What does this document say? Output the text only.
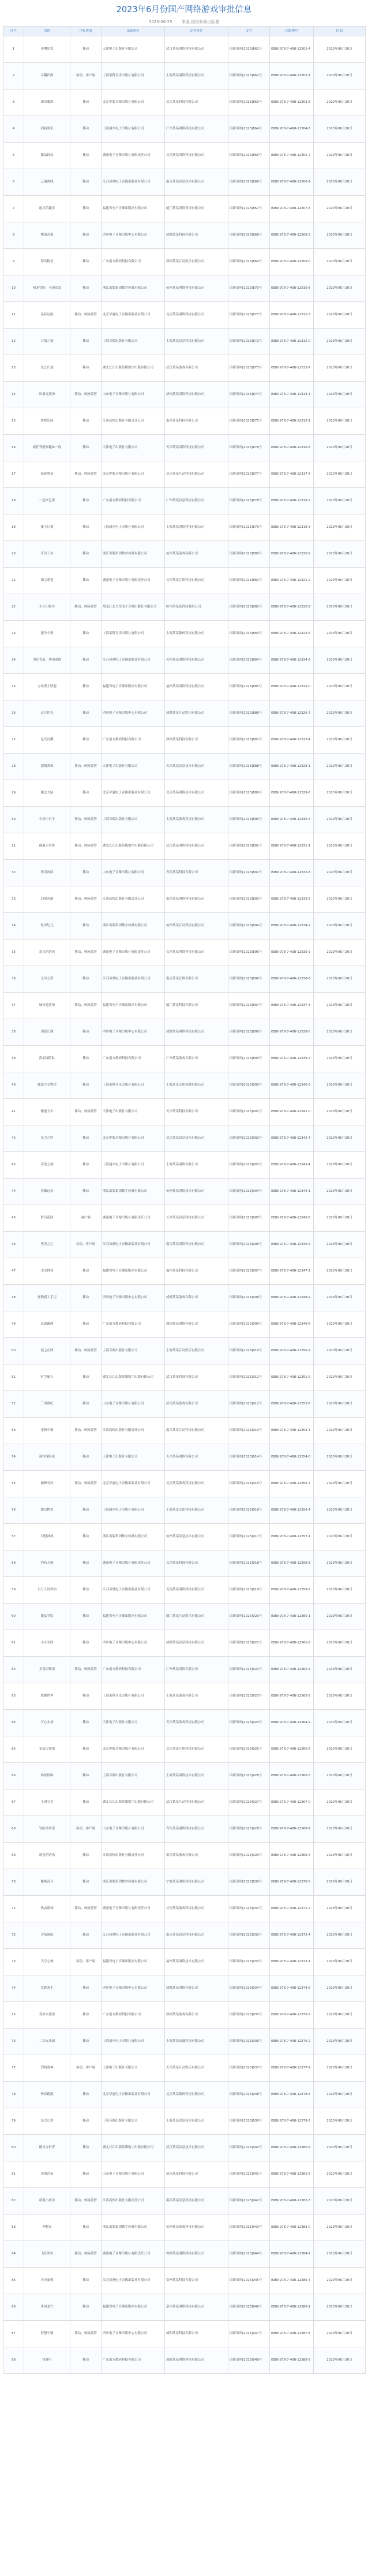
2023年6月份国产网络游戏审批信息
2023-06-25 来源:国家新闻出版署
序号	名称	申报类别	出版单位	运营单位	文号	出版物号	时间
1	带嘤出发	移动	天津电子出版社有限公司	武汉某某网络科技有限公司	国新出审[2023]861号	ISBN 978-7-498-12301-4	2023年06月20日
2	斗翻四海	移动、客户端	上海莱科音乐出版社有限公司	上海某某网络科技有限公司	国新出审[2023]862号	ISBN 978-7-498-12302-1	2023年06月20日
3	深浅魔塔	移动	北京中版音像出版社有限公司	北京某某科技有限公司	国新出审[2023]863号	ISBN 978-7-498-12303-8	2023年06月20日
4	消防猎手	移动	上海浦东电子出版社有限公司	广州某某网络科技有限公司	国新出审[2023]864号	ISBN 978-7-498-12304-5	2023年06月20日
5	魔法跃动	移动	湖南电子音像出版社有限责任公司	长沙某某网络科技有限公司	国新出审[2023]865号	ISBN 978-7-498-12305-2	2023年06月20日
6	云端战线	移动	江苏凤凰电子音像出版社有限公司	南京某某信息技术有限公司	国新出审[2023]866号	ISBN 978-7-498-12306-9	2023年06月20日
7	道具乐趣多	移动	福建省电子音像出版社有限公司	厦门某某网络科技有限公司	国新出审[2023]867号	ISBN 978-7-498-12307-6	2023年06月20日
8	棋战奇谋	移动	四川电子音像出版中心有限公司	成都某某科技有限公司	国新出审[2023]868号	ISBN 978-7-498-12308-3	2023年06月20日
9	海岛物语	移动	广东南方数码科技有限公司	深圳某某互动娱乐有限公司	国新出审[2023]869号	ISBN 978-7-498-12309-0	2023年06月20日
10	萌宠冒险，全速出发	移动	浙江出版集团数字传媒有限公司	杭州某某网络科技有限公司	国新出审[2023]870号	ISBN 978-7-498-12310-6	2023年06月20日
11	星际远航	移动、休闲益智	北京华夏电子音像出版社有限公司	北京某某网络科技有限公司	国新出审[2023]871号	ISBN 978-7-498-12311-3	2023年06月20日
12	万圆之谜	移动	上海音像出版社有限公司	上海某某信息科技有限公司	国新出审[2023]872号	ISBN 978-7-498-12312-0	2023年06月20日
13	龙之归途	移动	湖北长江出版传媒数字出版有限公司	武汉某某游戏有限公司	国新出审[2023]873号	ISBN 978-7-498-12313-7	2023年06月20日
14	风暴竞技场	移动、休闲益智	山东电子音像出版社有限公司	济南某某网络科技有限公司	国新出审[2023]874号	ISBN 978-7-498-12314-4	2023年06月20日
15	拼拼乐园	移动	江西高校出版社有限责任公司	南昌某某科技有限公司	国新出审[2023]875号	ISBN 978-7-498-12315-1	2023年06月20日
16	疯狂驾驶家趣味一族	移动	天津电子出版社有限公司	天津某某网络科技有限公司	国新出审[2023]876号	ISBN 978-7-498-12316-8	2023年06月20日
17	暗影猎场	移动、休闲益智	北京中版音像出版社有限公司	北京某某互动科技有限公司	国新出审[2023]877号	ISBN 978-7-498-12317-5	2023年06月20日
18	一起来巴蕾	移动	广东南方数码科技有限公司	广州某某信息科技有限公司	国新出审[2023]878号	ISBN 978-7-498-12318-2	2023年06月20日
19	魔王计划	移动	上海浦东电子出版社有限公司	上海某某网络科技有限公司	国新出审[2023]879号	ISBN 978-7-498-12319-9	2023年06月20日
20	奇幻工坊	移动	浙江出版集团数字传媒有限公司	杭州某某游戏有限公司	国新出审[2023]880号	ISBN 978-7-498-12320-5	2023年06月20日
21	指尖萌宠	移动	湖南电子音像出版社有限责任公司	长沙某某互娱科技有限公司	国新出审[2023]881号	ISBN 978-7-498-12321-2	2023年06月20日
22	小小出租车	移动、休闲益智	黑龙江北大荒电子音像出版社有限公司	哈尔滨某某科技有限公司	国新出审[2023]882号	ISBN 978-7-498-12322-9	2023年06月20日
23	迷失小镇	移动	上海莱科音乐出版社有限公司	上海某某数码科技有限公司	国新出审[2023]883号	ISBN 978-7-498-12323-6	2023年06月20日
24	勇往直前，冲出重围	移动	江苏凤凰电子音像出版社有限公司	苏州某某网络科技有限公司	国新出审[2023]884号	ISBN 978-7-498-12324-3	2023年06月20日
25	方块勇士联盟	移动	福建省电子音像出版社有限公司	福州某某网络科技有限公司	国新出审[2023]885号	ISBN 978-7-498-12325-0	2023年06月20日
26	远方的光	移动	四川电子音像出版中心有限公司	成都某某互动娱乐有限公司	国新出审[2023]886号	ISBN 978-7-498-12326-7	2023年06月20日
27	星光闪耀	移动	广东南方数码科技有限公司	深圳某某科技有限公司	国新出审[2023]887号	ISBN 978-7-498-12327-4	2023年06月20日
28	超级弹珠	移动、休闲益智	天津电子出版社有限公司	天津某某信息技术有限公司	国新出审[2023]888号	ISBN 978-7-498-12328-1	2023年06月20日
29	魔法大陆	移动	北京华夏电子音像出版社有限公司	北京某某网络技术有限公司	国新出审[2023]889号	ISBN 978-7-498-12329-8	2023年06月20日
30	农场小日子	移动、休闲益智	上海音像出版社有限公司	上海某某游戏科技有限公司	国新出审[2023]890号	ISBN 978-7-498-12330-4	2023年06月20日
31	像素大冒险	移动、休闲益智	湖北长江出版传媒数字出版有限公司	武汉某某网络科技有限公司	国新出审[2023]891号	ISBN 978-7-498-12331-1	2023年06月20日
32	传奇再续	移动	山东电子音像出版社有限公司	青岛某某科技有限公司	国新出审[2023]892号	ISBN 978-7-498-12332-8	2023年06月20日
33	幻境奇旅	移动、休闲益智	江西高校出版社有限责任公司	南昌某某网络科技有限公司	国新出审[2023]893号	ISBN 978-7-498-12333-5	2023年06月20日
34	机甲纪元	移动	浙江出版集团数字传媒有限公司	杭州某某互动科技有限公司	国新出审[2023]894号	ISBN 978-7-498-12334-2	2023年06月20日
35	欢乐消消看	移动、休闲益智	湖南电子音像出版社有限责任公司	长沙某某网络科技有限公司	国新出审[2023]895号	ISBN 978-7-498-12335-9	2023年06月20日
36	无尽之塔	移动	江苏凤凰电子音像出版社有限公司	南京某某互娱有限公司	国新出审[2023]896号	ISBN 978-7-498-12336-6	2023年06月20日
37	城市建造师	移动、休闲益智	福建省电子音像出版社有限公司	厦门某某科技有限公司	国新出审[2023]897号	ISBN 978-7-498-12337-3	2023年06月20日
38	剑影江湖	移动	四川电子音像出版中心有限公司	成都某某网络科技有限公司	国新出审[2023]898号	ISBN 978-7-498-12338-0	2023年06月20日
39	海底探险队	移动	广东南方数码科技有限公司	广州某某游戏有限公司	国新出审[2023]899号	ISBN 978-7-498-12339-7	2023年06月20日
40	魔法少女物语	移动	上海莱科音乐出版社有限公司	上海某某文化传播有限公司	国新出审[2023]900号	ISBN 978-7-498-12340-3	2023年06月20日
41	极速飞车	移动、休闲益智	天津电子出版社有限公司	天津某某科技有限公司	国新出审[2023]901号	ISBN 978-7-498-12341-0	2023年06月20日
42	星空之约	移动	北京中版音像出版社有限公司	北京某某信息技术有限公司	国新出审[2023]902号	ISBN 978-7-498-12342-7	2023年06月20日
43	奇迹之城	移动	上海浦东电子出版社有限公司	上海某某网络有限公司	国新出审[2023]903号	ISBN 978-7-498-12343-4	2023年06月20日
44	英雄远征	移动	浙江出版集团数字传媒有限公司	杭州某某网络技术有限公司	国新出审[2023]904号	ISBN 978-7-498-12344-1	2023年06月20日
45	梦幻花园	客户端	湖南电子音像出版社有限责任公司	长沙某某信息科技有限公司	国新出审[2023]905号	ISBN 978-7-498-12345-8	2023年06月20日
46	勇者之心	移动、客户端	江苏凤凰电子音像出版社有限公司	南京某某网络科技有限公司	国新出审[2023]906号	ISBN 978-7-498-12346-5	2023年06月20日
47	水浒群侠	移动	福建省电子音像出版社有限公司	福州某某科技有限公司	国新出审[2023]907号	ISBN 978-7-498-12347-2	2023年06月20日
48	怪物猎人手记	移动	四川电子音像出版中心有限公司	成都某某游戏有限公司	国新出审[2023]908号	ISBN 978-7-498-12348-9	2023年06月20日
49	武道巅峰	移动	广东南方数码科技有限公司	深圳某某网络有限公司	国新出审[2023]909号	ISBN 978-7-498-12349-6	2023年06月20日
50	谜之庄园	移动、休闲益智	上海音像出版社有限公司	上海某某互动娱乐有限公司	国新出审[2023]910号	ISBN 978-7-498-12350-2	2023年06月20日
51	时空旅人	移动	湖北长江出版传媒数字出版有限公司	武汉某某科技有限公司	国新出审[2023]911号	ISBN 978-7-498-12351-9	2023年06月20日
52	三国战纪	移动	山东电子音像出版社有限公司	济南某某游戏有限公司	国新出审[2023]912号	ISBN 978-7-498-12352-6	2023年06月20日
53	宠物小镇	移动、休闲益智	江西高校出版社有限责任公司	南昌某某互动科技有限公司	国新出审[2023]913号	ISBN 978-7-498-12353-3	2023年06月20日
54	迷宫探险家	移动	天津电子出版社有限公司	天津某某网络有限公司	国新出审[2023]914号	ISBN 978-7-498-12354-0	2023年06月20日
55	巅峰对决	移动、休闲益智	北京华夏电子音像出版社有限公司	北京某某游戏科技有限公司	国新出审[2023]915号	ISBN 978-7-498-12355-7	2023年06月20日
56	甜点物语	移动	上海浦东电子出版社有限公司	上海某某文化科技有限公司	国新出审[2023]916号	ISBN 978-7-498-12356-4	2023年06月20日
57	幻想神域	移动	浙江出版集团数字传媒有限公司	杭州某某信息技术有限公司	国新出审[2023]917号	ISBN 978-7-498-12357-1	2023年06月20日
58	钓鱼大师	移动	湖南电子音像出版社有限责任公司	长沙某某科技有限公司	国新出审[2023]918号	ISBN 978-7-498-12358-8	2023年06月20日
59	百万人的修仙	移动	江苏凤凰电子音像出版社有限公司	无锡某某网络科技有限公司	国新出审[2023]919号	ISBN 978-7-498-12359-5	2023年06月20日
60	魔法学院	移动	福建省电子音像出版社有限公司	厦门某某互动娱乐有限公司	国新出审[2023]920号	ISBN 978-7-498-12360-1	2023年06月20日
61	小小军团	移动	四川电子音像出版中心有限公司	成都某某信息科技有限公司	国新出审[2023]921号	ISBN 978-7-498-12361-8	2023年06月20日
62	美食街物语	移动、休闲益智	广东南方数码科技有限公司	广州某某网络有限公司	国新出审[2023]922号	ISBN 978-7-498-12362-5	2023年06月20日
63	战舰世界	移动	上海莱科音乐出版社有限公司	上海某某游戏有限公司	国新出审[2023]923号	ISBN 978-7-498-12363-2	2023年06月20日
64	开心农场	移动	天津电子出版社有限公司	天津某某游戏科技有限公司	国新出审[2023]924号	ISBN 978-7-498-12364-9	2023年06月20日
65	星球大作战	移动	北京中版音像出版社有限公司	北京某某互娱科技有限公司	国新出审[2023]925号	ISBN 978-7-498-12365-6	2023年06月20日
66	仙侠情缘	移动	上海音像出版社有限公司	上海某某网络技术有限公司	国新出审[2023]926号	ISBN 978-7-498-12366-3	2023年06月20日
67	王国守卫	移动	湖北长江出版传媒数字出版有限公司	武汉某某互动科技有限公司	国新出审[2023]927号	ISBN 978-7-498-12367-0	2023年06月20日
68	冒险岛传说	移动、客户端	山东电子音像出版社有限公司	青岛某某网络科技有限公司	国新出审[2023]928号	ISBN 978-7-498-12368-7	2023年06月20日
69	萌宠消消乐	移动	江西高校出版社有限责任公司	南昌某某游戏有限公司	国新出审[2023]929号	ISBN 978-7-498-12369-4	2023年06月20日
70	魔域奇兵	移动	浙江出版集团数字传媒有限公司	宁波某某网络科技有限公司	国新出审[2023]930号	ISBN 978-7-498-12370-0	2023年06月20日
71	热血篮球	移动、休闲益智	湖南电子音像出版社有限责任公司	长沙某某游戏科技有限公司	国新出审[2023]931号	ISBN 978-7-498-12371-7	2023年06月20日
72	古墓迷踪	移动	江苏凤凰电子音像出版社有限公司	南京某某信息科技有限公司	国新出审[2023]932号	ISBN 978-7-498-12372-4	2023年06月20日
73	天空之城	移动、客户端	福建省电子音像出版社有限公司	福州某某网络技术有限公司	国新出审[2023]933号	ISBN 978-7-498-12373-1	2023年06月20日
74	荒野求生	移动	四川电子音像出版中心有限公司	成都某某网络有限公司	国新出审[2023]934号	ISBN 978-7-498-12374-8	2023年06月20日
75	奇妙水族馆	移动	广东南方数码科技有限公司	深圳某某游戏有限公司	国新出审[2023]935号	ISBN 978-7-498-12375-5	2023年06月20日
76	二次元乐园	移动	上海浦东电子出版社有限公司	上海某某动漫科技有限公司	国新出审[2023]936号	ISBN 978-7-498-12376-2	2023年06月20日
77	烈焰战神	移动、客户端	天津电子出版社有限公司	天津某某互动娱乐有限公司	国新出审[2023]937号	ISBN 978-7-498-12377-9	2023年06月20日
78	快乐跑跑	移动	北京华夏电子音像出版社有限公司	北京某某数码科技有限公司	国新出审[2023]938号	ISBN 978-7-498-12378-6	2023年06月20日
79	东方幻梦	移动	上海音像出版社有限公司	上海某某信息技术有限公司	国新出审[2023]939号	ISBN 978-7-498-12379-3	2023年06月20日
80	精灵守护者	移动	湖北长江出版传媒数字出版有限公司	武汉某某信息技术有限公司	国新出审[2023]940号	ISBN 978-7-498-12380-9	2023年06月20日
81	决战沙场	移动	山东电子音像出版社有限公司	济南某某科技有限公司	国新出审[2023]941号	ISBN 978-7-498-12381-6	2023年06月20日
82	萌萌小厨房	移动、休闲益智	江西高校出版社有限责任公司	南昌某某信息科技有限公司	国新出审[2023]942号	ISBN 978-7-498-12382-3	2023年06月20日
83	神秘岛	移动	浙江出版集团数字传媒有限公司	杭州某某游戏科技有限公司	国新出审[2023]943号	ISBN 978-7-498-12383-0	2023年06月20日
84	飞跃彩虹	移动、休闲益智	湖南电子音像出版社有限责任公司	株洲某某网络科技有限公司	国新出审[2023]944号	ISBN 978-7-498-12384-7	2023年06月20日
85	天天象棋	移动	江苏凤凰电子音像出版社有限公司	常州某某科技有限公司	国新出审[2023]945号	ISBN 978-7-498-12385-4	2023年06月20日
86	勇闯龙穴	移动	福建省电子音像出版社有限公司	泉州某某网络科技有限公司	国新出审[2023]946号	ISBN 978-7-498-12386-1	2023年06月20日
87	梦想小镇	移动、休闲益智	四川电子音像出版中心有限公司	绵阳某某科技有限公司	国新出审[2023]947号	ISBN 978-7-498-12387-8	2023年06月20日
88	侠客行	移动	广东南方数码科技有限公司	珠海某某网络科技有限公司	国新出审[2023]948号	ISBN 978-7-498-12388-5	2023年06月20日
